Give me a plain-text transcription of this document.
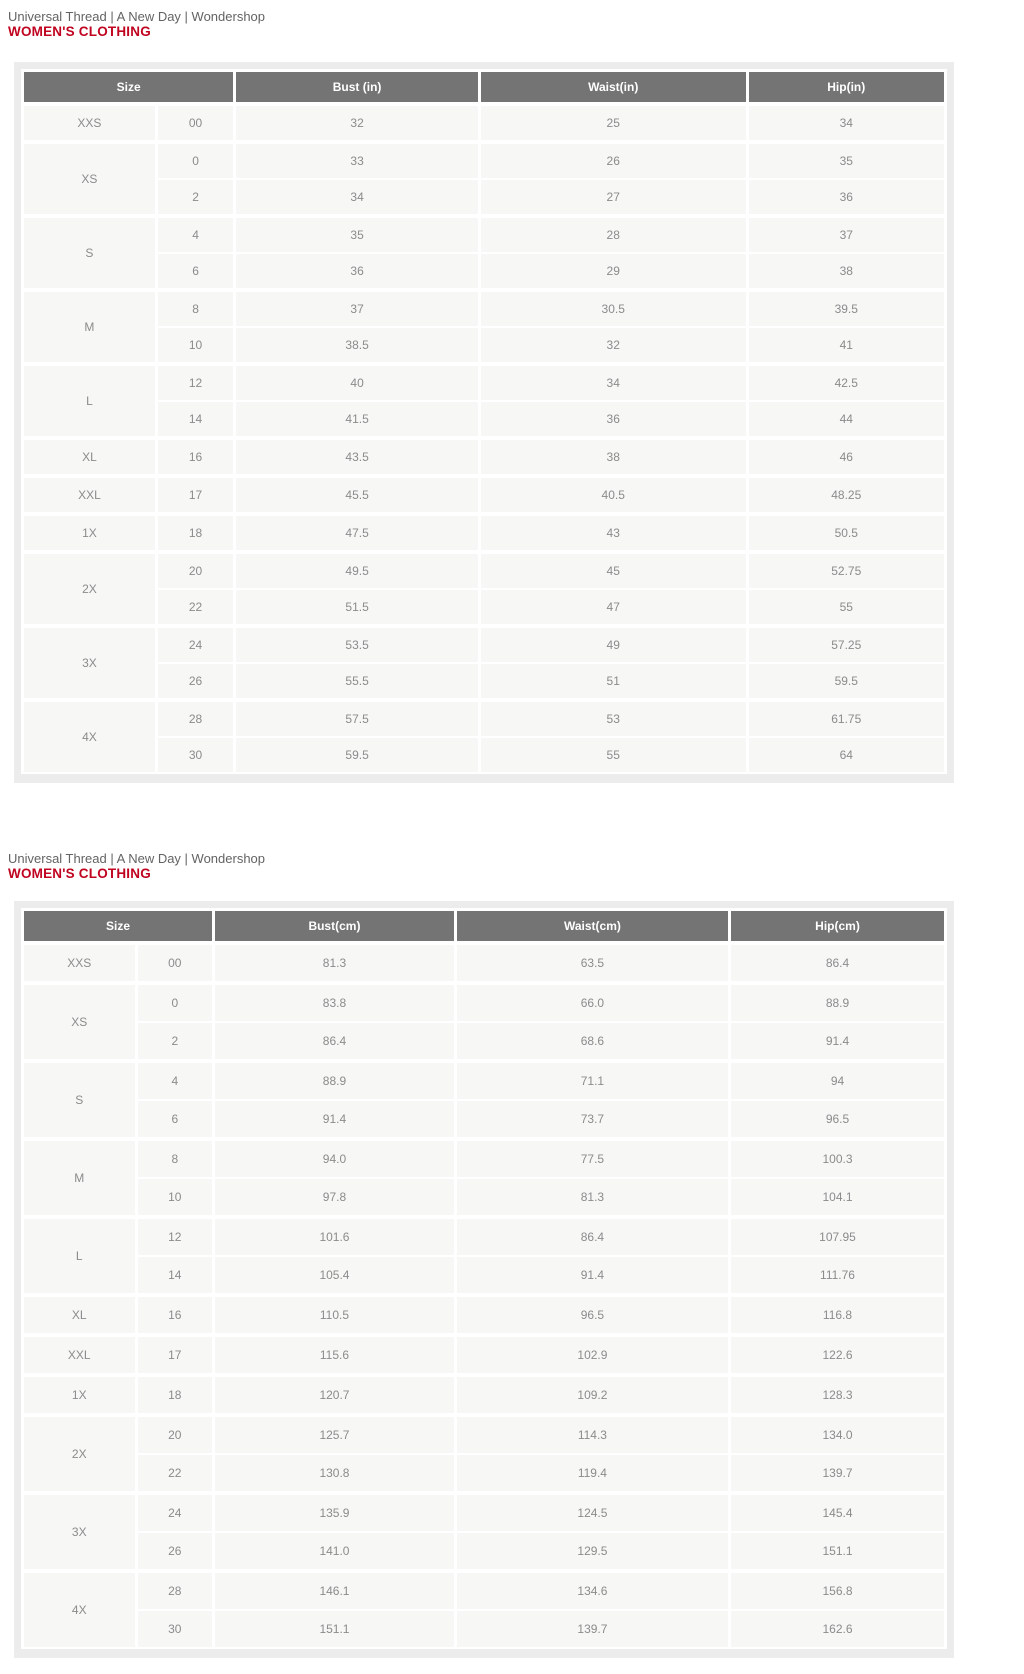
Universal Thread | A New Day | Wondershop
WOMEN'S CLOTHING
Size		Bust (in)	Waist(in)	Hip(in)
XXS	00	32	25	34
XS	0	33	26	35
	2	34	27	36
S	4	35	28	37
	6	36	29	38
M	8	37	30.5	39.5
	10	38.5	32	41
L	12	40	34	42.5
	14	41.5	36	44
XL	16	43.5	38	46
XXL	17	45.5	40.5	48.25
1X	18	47.5	43	50.5
2X	20	49.5	45	52.75
	22	51.5	47	55
3X	24	53.5	49	57.25
	26	55.5	51	59.5
4X	28	57.5	53	61.75
	30	59.5	55	64
Universal Thread | A New Day | Wondershop
WOMEN'S CLOTHING
Size		Bust(cm)	Waist(cm)	Hip(cm)
XXS	00	81.3	63.5	86.4
XS	0	83.8	66.0	88.9
	2	86.4	68.6	91.4
S	4	88.9	71.1	94
	6	91.4	73.7	96.5
M	8	94.0	77.5	100.3
	10	97.8	81.3	104.1
L	12	101.6	86.4	107.95
	14	105.4	91.4	111.76
XL	16	110.5	96.5	116.8
XXL	17	115.6	102.9	122.6
1X	18	120.7	109.2	128.3
2X	20	125.7	114.3	134.0
	22	130.8	119.4	139.7
3X	24	135.9	124.5	145.4
	26	141.0	129.5	151.1
4X	28	146.1	134.6	156.8
	30	151.1	139.7	162.6
